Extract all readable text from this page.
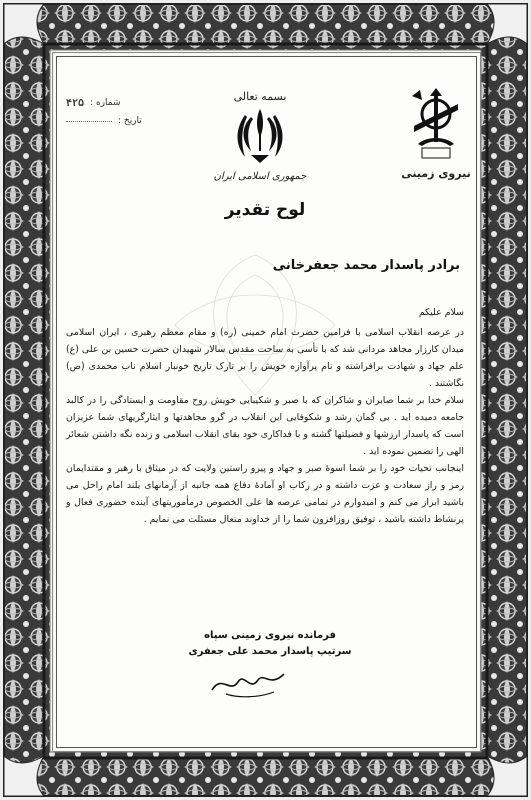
شماره :
۴۲۵
تاریخ :
بسمه تعالی
جمهوری اسلامی ایران	نیروی زمینی
لوح تقدیر
برادر پاسدار محمد جعفرخانی

سلام علیکم

در عرصه انقلاب اسلامی با فرامین حضرت امام خمینی (ره) و مقام معظم رهبری ، ایران اسلامی میدان کارزار مجاهد مردانی شد که با تأسی به ساحت مقدس سالار شهیدان حضرت حسین بن علی (ع) علم جهاد و شهادت برافراشته و نام پرآوازه خویش را بر تارک تاریخ خونبار اسلام ناب محمدی (ص) نگاشتند .

سلام خدا بر شما صابران و شاکران که با صبر و شکیبایی خویش روح مقاومت و ایستادگی را در کالبد جامعه دمیده اید . بی گمان رشد و شکوفایی این انقلاب در گرو مجاهدتها و ایثارگریهای شما عزیزان است که پاسدار ارزشها و فضیلتها گشته و با فداکاری خود بقای انقلاب اسلامی و زنده نگه داشتن شعائر الهی را تضمین نموده اید .

اینجانب تحیات خود را بر شما اسوهٔ صبر و جهاد و پیرو راستین ولایت که در میثاق با رهبر و مقتدایمان رمز و راز سعادت و عزت داشته و در رکاب او آمادهٔ دفاع همه جانبه از آرمانهای بلند امام راحل می باشید ابراز می کنم و امیدوارم در تمامی عرصه ها علی الخصوص درمأموریتهای آینده حضوری فعال و پرنشاط داشته باشید ، توفیق روزافزون شما را از خداوند متعال مسئلت می نمایم .

فرمانده نیروی زمینی سپاه
سرتیپ پاسدار محمد علی جعفری
